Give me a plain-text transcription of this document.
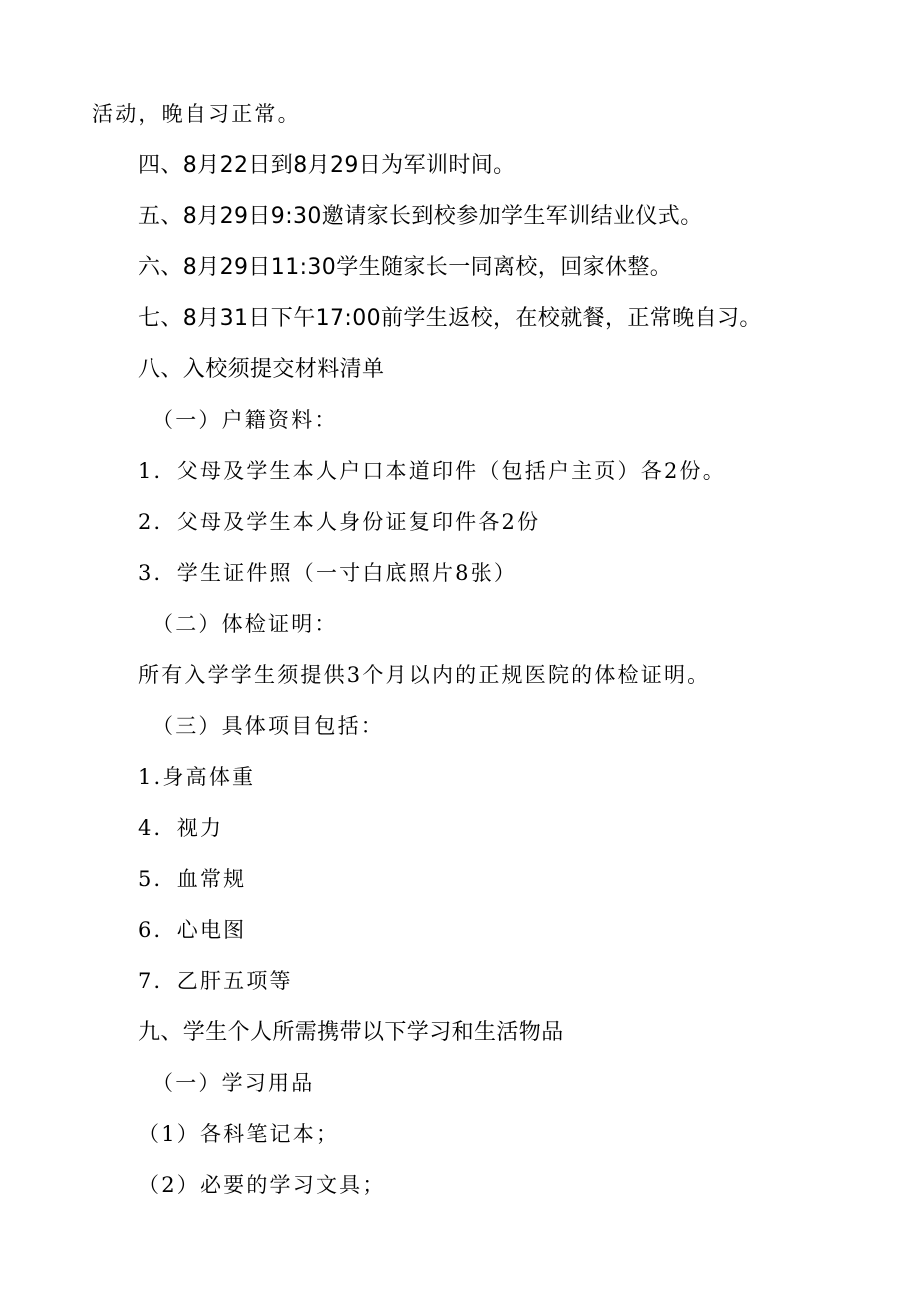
活动，晚自习正常。
四、8月22日到8月29日为军训时间。
五、8月29日9:30邀请家长到校参加学生军训结业仪式。
六、8月29日11:30学生随家长一同离校，回家休整。
七、8月31日下午17:00前学生返校，在校就餐，正常晚自习。
八、入校须提交材料清单
（一）户籍资料：
1．父母及学生本人户口本道印件（包括户主页）各2份。
2．父母及学生本人身份证复印件各2份
3．学生证件照（一寸白底照片8张）
（二）体检证明：
所有入学学生须提供3个月以内的正规医院的体检证明。
（三）具体项目包括：
1.身高体重
4．视力
5．血常规
6．心电图
7．乙肝五项等
九、学生个人所需携带以下学习和生活物品
（一）学习用品
（1）各科笔记本；
（2）必要的学习文具；
